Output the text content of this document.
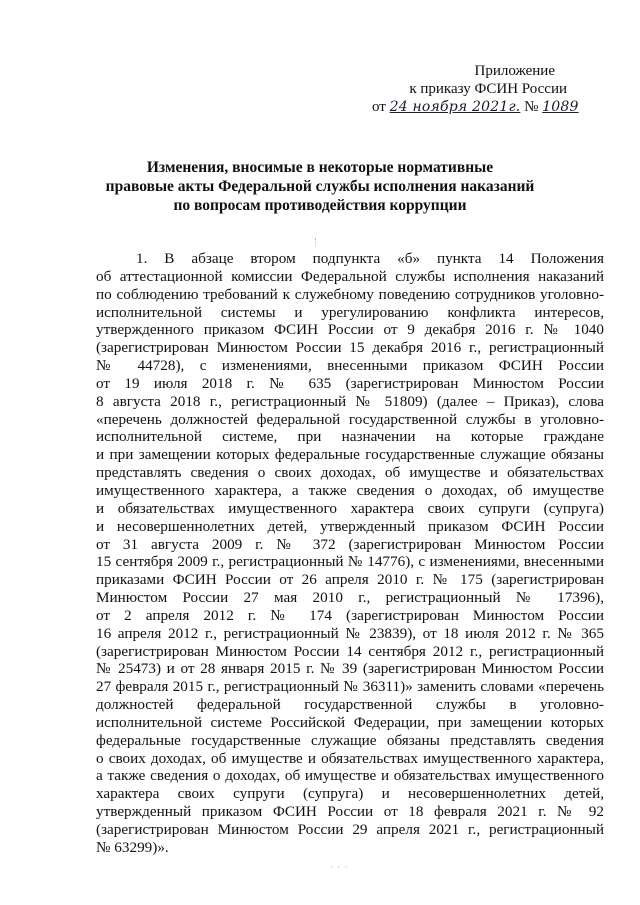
Приложение
к приказу ФСИН России
от 24 ноября 2021г. № 1089
Изменения, вносимые в некоторые нормативные
правовые акты Федеральной службы исполнения наказаний
по вопросам противодействия коррупции
1. В абзаце втором подпункта «б» пункта 14 Положения
об аттестационной комиссии Федеральной службы исполнения наказаний
по соблюдению требований к служебному поведению сотрудников уголовно-
исполнительной системы и урегулированию конфликта интересов,
утвержденного приказом ФСИН России от 9 декабря 2016 г. № 1040
(зарегистрирован Минюстом России 15 декабря 2016 г., регистрационный
№ 44728), с изменениями, внесенными приказом ФСИН России
от 19 июля 2018 г. № 635 (зарегистрирован Минюстом России
8 августа 2018 г., регистрационный № 51809) (далее – Приказ), слова
«перечень должностей федеральной государственной службы в уголовно-
исполнительной системе, при назначении на которые граждане
и при замещении которых федеральные государственные служащие обязаны
представлять сведения о своих доходах, об имуществе и обязательствах
имущественного характера, а также сведения о доходах, об имуществе
и обязательствах имущественного характера своих супруги (супруга)
и несовершеннолетних детей, утвержденный приказом ФСИН России
от 31 августа 2009 г. № 372 (зарегистрирован Минюстом России
15 сентября 2009 г., регистрационный № 14776), с изменениями, внесенными
приказами ФСИН России от 26 апреля 2010 г. № 175 (зарегистрирован
Минюстом России 27 мая 2010 г., регистрационный № 17396),
от 2 апреля 2012 г. № 174 (зарегистрирован Минюстом России
16 апреля 2012 г., регистрационный № 23839), от 18 июля 2012 г. № 365
(зарегистрирован Минюстом России 14 сентября 2012 г., регистрационный
№ 25473) и от 28 января 2015 г. № 39 (зарегистрирован Минюстом России
27 февраля 2015 г., регистрационный № 36311)» заменить словами «перечень
должностей федеральной государственной службы в уголовно-
исполнительной системе Российской Федерации, при замещении которых
федеральные государственные служащие обязаны представлять сведения
о своих доходах, об имуществе и обязательствах имущественного характера,
а также сведения о доходах, об имуществе и обязательствах имущественного
характера своих супруги (супруга) и несовершеннолетних детей,
утвержденный приказом ФСИН России от 18 февраля 2021 г. № 92
(зарегистрирован Минюстом России 29 апреля 2021 г., регистрационный
№ 63299)».
· · ·
